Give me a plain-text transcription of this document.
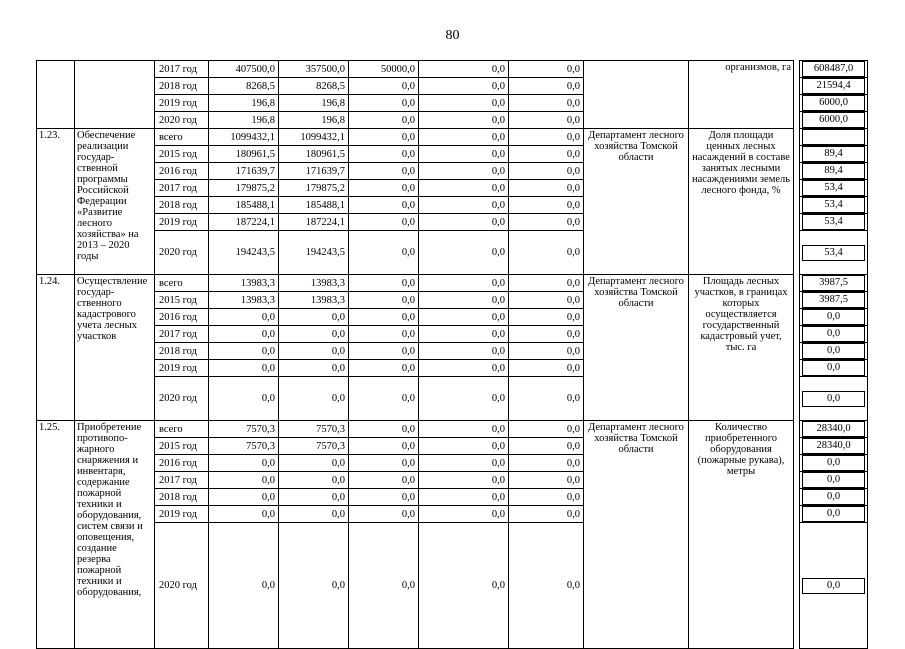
80
		2017 год	407500,0	357500,0	50000,0	0,0	0,0		организмов, га		608487,0

		2018 год	8268,5	8268,5	0,0	0,0	0,0				21594,4

		2019 год	196,8	196,8	0,0	0,0	0,0				6000,0

		2020 год	196,8	196,8	0,0	0,0	0,0				6000,0

1.23.	Обеспечение реализации государ-ственной программы Российской Федерации «Развитие лесного хозяйства» на 2013 – 2020 годы	всего	1099432,1	1099432,1	0,0	0,0	0,0	Департамент лесного хозяйства Томской области	Доля площади ценных лесных насаждений в составе занятых лесными насаждениями земель лесного фонда, %		

		2015 год	180961,5	180961,5	0,0	0,0	0,0				89,4

		2016 год	171639,7	171639,7	0,0	0,0	0,0				89,4

		2017 год	179875,2	179875,2	0,0	0,0	0,0				53,4

		2018 год	185488,1	185488,1	0,0	0,0	0,0				53,4

		2019 год	187224,1	187224,1	0,0	0,0	0,0				53,4

		2020 год	194243,5	194243,5	0,0	0,0	0,0				53,4

1.24.	Осуществление государ-ственного кадастрового учета лесных участков	всего	13983,3	13983,3	0,0	0,0	0,0	Департамент лесного хозяйства Томской области	Площадь лесных участков, в границах которых осуществляется государственный кадастровый учет, тыс. га		3987,5

		2015 год	13983,3	13983,3	0,0	0,0	0,0				3987,5

		2016 год	0,0	0,0	0,0	0,0	0,0				0,0

		2017 год	0,0	0,0	0,0	0,0	0,0				0,0

		2018 год	0,0	0,0	0,0	0,0	0,0				0,0

		2019 год	0,0	0,0	0,0	0,0	0,0				0,0

		2020 год	0,0	0,0	0,0	0,0	0,0				0,0

1.25.	Приобретение противопо-жарного снаряжения и инвентаря, содержание пожарной техники и оборудования, систем связи и оповещения, создание резерва пожарной техники и оборудования,	всего	7570,3	7570,3	0,0	0,0	0,0	Департамент лесного хозяйства Томской области	Количество приобретенного оборудования (пожарные рукава), метры		28340,0

		2015 год	7570,3	7570,3	0,0	0,0	0,0				28340,0

		2016 год	0,0	0,0	0,0	0,0	0,0				0,0

		2017 год	0,0	0,0	0,0	0,0	0,0				0,0

		2018 год	0,0	0,0	0,0	0,0	0,0				0,0

		2019 год	0,0	0,0	0,0	0,0	0,0				0,0

		2020 год	0,0	0,0	0,0	0,0	0,0				0,0
